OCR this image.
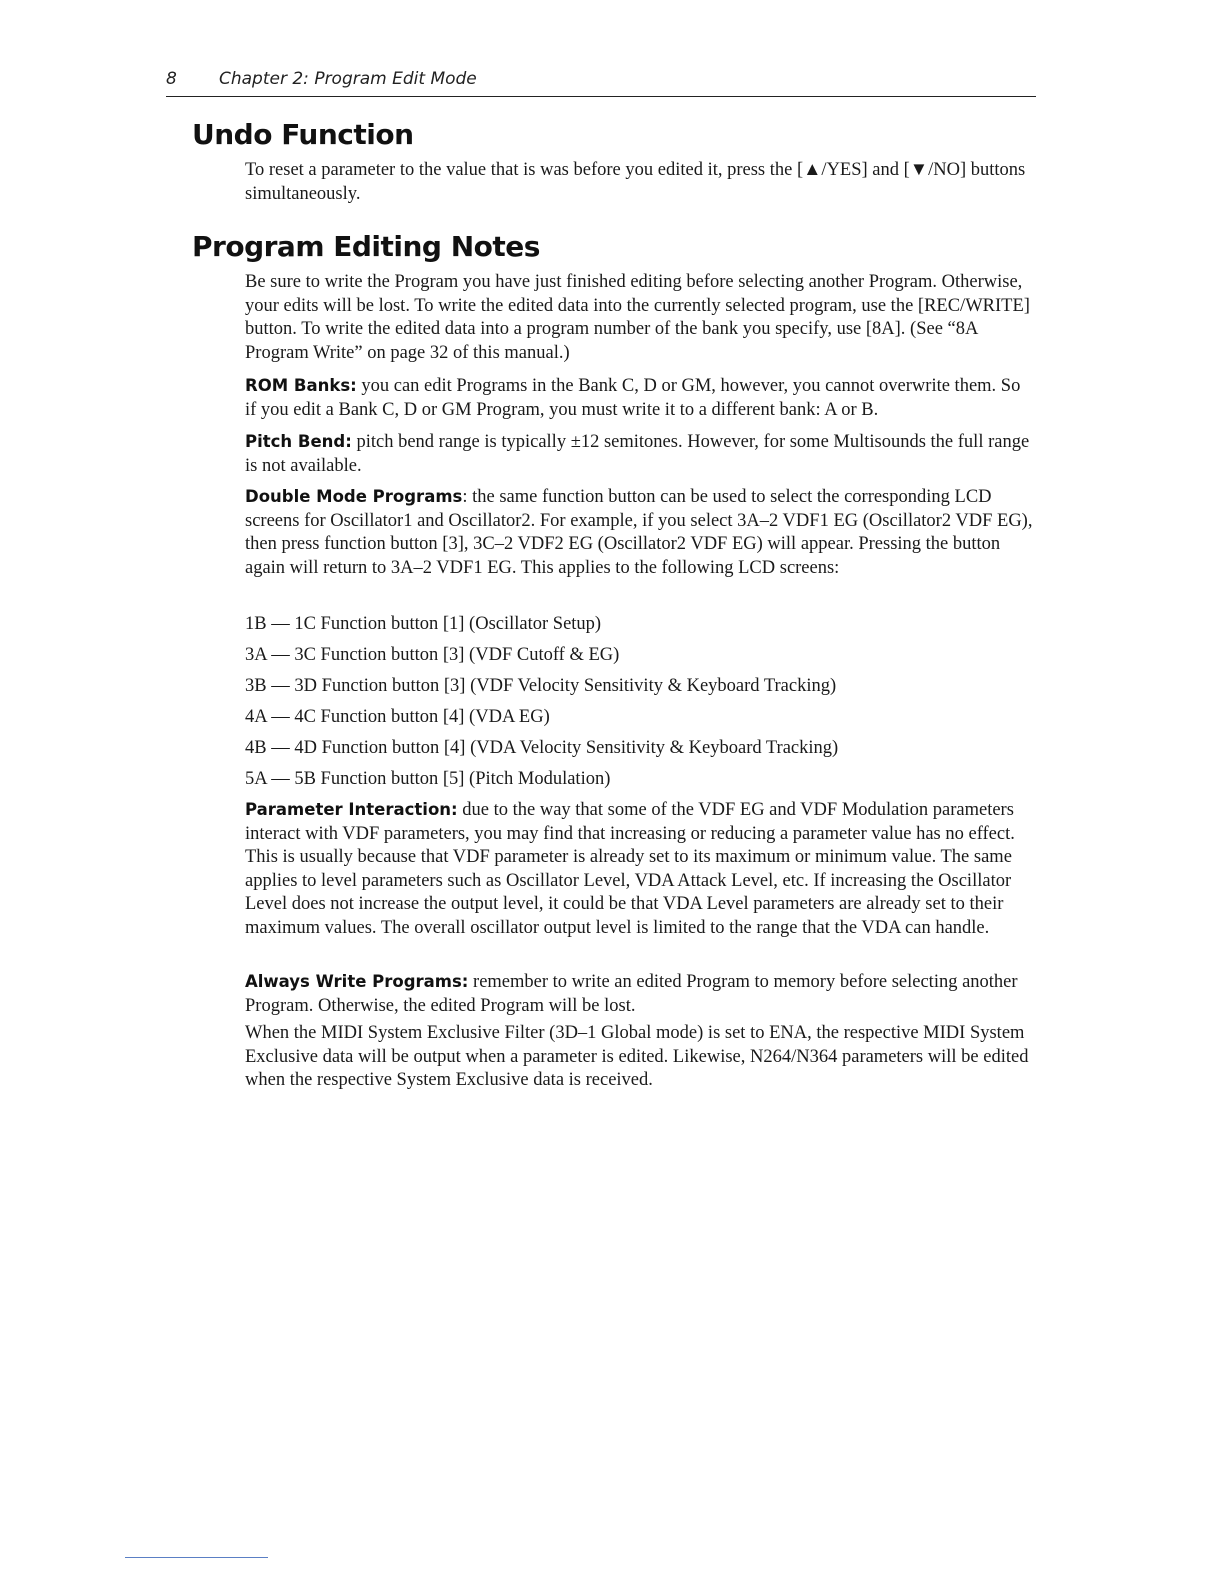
8 Chapter 2: Program Edit Mode
Undo Function

To reset a parameter to the value that is was before you edited it, press the [▲/YES] and [▼/NO] buttons simultaneously.

Program Editing Notes

Be sure to write the Program you have just finished editing before selecting another Program. Otherwise, your edits will be lost. To write the edited data into the currently selected program, use the [REC/WRITE] button. To write the edited data into a program number of the bank you specify, use [8A]. (See “8A Program Write” on page 32 of this manual.)

ROM Banks: you can edit Programs in the Bank C, D or GM, however, you cannot overwrite them. So if you edit a Bank C, D or GM Program, you must write it to a different bank: A or B.

Pitch Bend: pitch bend range is typically ±12 semitones. However, for some Multisounds the full range is not available.

Double Mode Programs: the same function button can be used to select the corresponding LCD screens for Oscillator1 and Oscillator2. For example, if you select 3A–2 VDF1 EG (Oscillator2 VDF EG), then press function button [3], 3C–2 VDF2 EG (Oscillator2 VDF EG) will appear. Pressing the button again will return to 3A–2 VDF1 EG. This applies to the following LCD screens:

1B — 1C Function button [1] (Oscillator Setup)

3A — 3C Function button [3] (VDF Cutoff & EG)

3B — 3D Function button [3] (VDF Velocity Sensitivity & Keyboard Tracking)

4A — 4C Function button [4] (VDA EG)

4B — 4D Function button [4] (VDA Velocity Sensitivity & Keyboard Tracking)

5A — 5B Function button [5] (Pitch Modulation)

Parameter Interaction: due to the way that some of the VDF EG and VDF Modulation parameters interact with VDF parameters, you may find that increasing or reducing a parameter value has no effect. This is usually because that VDF parameter is already set to its maximum or minimum value. The same applies to level parameters such as Oscillator Level, VDA Attack Level, etc. If increasing the Oscillator Level does not increase the output level, it could be that VDA Level parameters are already set to their maximum values. The overall oscillator output level is limited to the range that the VDA can handle.

Always Write Programs: remember to write an edited Program to memory before selecting another Program. Otherwise, the edited Program will be lost.

When the MIDI System Exclusive Filter (3D–1 Global mode) is set to ENA, the respective MIDI System Exclusive data will be output when a parameter is edited. Likewise, N264/N364 parameters will be edited when the respective System Exclusive data is received.
